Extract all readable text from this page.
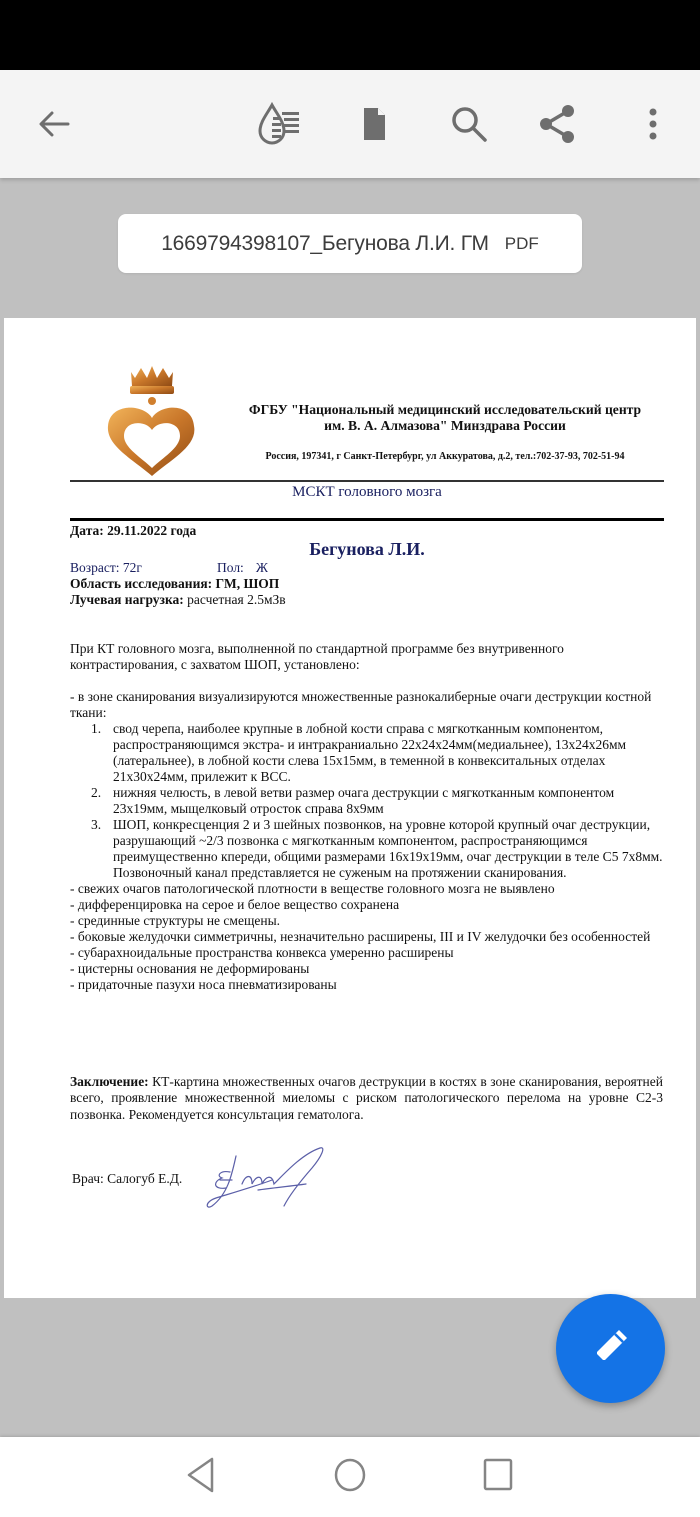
1669794398107_Бегунова Л.И. ГМ PDF
ФГБУ "Национальный медицинский исследовательский центр
им. В. А. Алмазова" Минздрава России
Россия, 197341, г Санкт-Петербург, ул Аккуратова, д.2, тел.:702-37-93, 702-51-94
МСКТ головного мозга
Дата: 29.11.2022 года
Бегунова Л.И.
Возраст: 72г	Пол: Ж
Область исследования: ГМ, ШОП
Лучевая нагрузка: расчетная 2.5мЗв

При КТ головного мозга, выполненной по стандартной программе без внутривенного контрастирования, с захватом ШОП, установлено:

- в зоне сканирования визуализируются множественные разнокалиберные очаги деструкции костной ткани:

1. свод черепа, наиболее крупные в лобной кости справа с мягкотканным компонентом, распространяющимся экстра- и интракраниально 22х24х24мм(медиальнее), 13х24х26мм (латеральнее), в лобной кости слева 15х15мм, в теменной в конвекситальных отделах 21х30х24мм, прилежит к ВСС.
2. нижняя челюсть, в левой ветви размер очага деструкции с мягкотканным компонентом 23х19мм, мыщелковый отросток справа 8х9мм
3. ШОП, конкресценция 2 и 3 шейных позвонков, на уровне которой крупный очаг деструкции, разрушающий ~2/3 позвонка с мягкотканным компонентом, распространяющимся преимущественно кпереди, общими размерами 16х19х19мм, очаг деструкции в теле С5 7х8мм. Позвоночный канал представляется не суженым на протяжении сканирования.

- свежих очагов патологической плотности в веществе головного мозга не выявлено

- дифференцировка на серое и белое вещество сохранена

- срединные структуры не смещены.

- боковые желудочки симметричны, незначительно расширены, III и IV желудочки без особенностей

- субарахноидальные пространства конвекса умеренно расширены

- цистерны основания не деформированы

- придаточные пазухи носа пневматизированы

Заключение: КТ-картина множественных очагов деструкции в костях в зоне сканирования, вероятней всего, проявление множественной миеломы с риском патологического перелома на уровне С2-3 позвонка. Рекомендуется консультация гематолога.
Врач: Салогуб Е.Д.
